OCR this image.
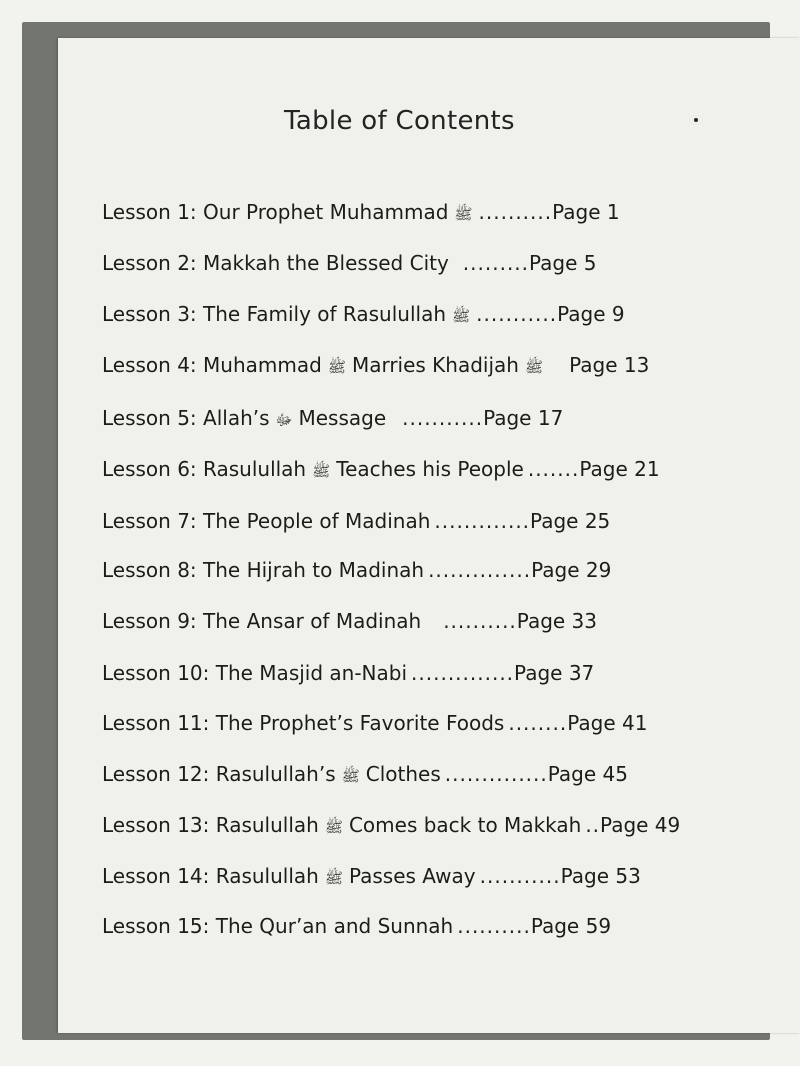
Table of Contents
Lesson 1: Our Prophet Muhammad ﷺ .......... Page 1
Lesson 2: Makkah the Blessed City ......... Page 5
Lesson 3: The Family of Rasulullah ﷺ ........... Page 9
Lesson 4: Muhammad ﷺ Marries Khadijah ﷺ Page 13
Lesson 5: Allah’s ﷻ Message ........... Page 17
Lesson 6: Rasulullah ﷺ Teaches his People ....... Page 21
Lesson 7: The People of Madinah ............. Page 25
Lesson 8: The Hijrah to Madinah .............. Page 29
Lesson 9: The Ansar of Madinah .......... Page 33
Lesson 10: The Masjid an-Nabi .............. Page 37
Lesson 11: The Prophet’s Favorite Foods ........ Page 41
Lesson 12: Rasulullah’s ﷺ Clothes .............. Page 45
Lesson 13: Rasulullah ﷺ Comes back to Makkah .. Page 49
Lesson 14: Rasulullah ﷺ Passes Away ........... Page 53
Lesson 15: The Qur’an and Sunnah .......... Page 59
